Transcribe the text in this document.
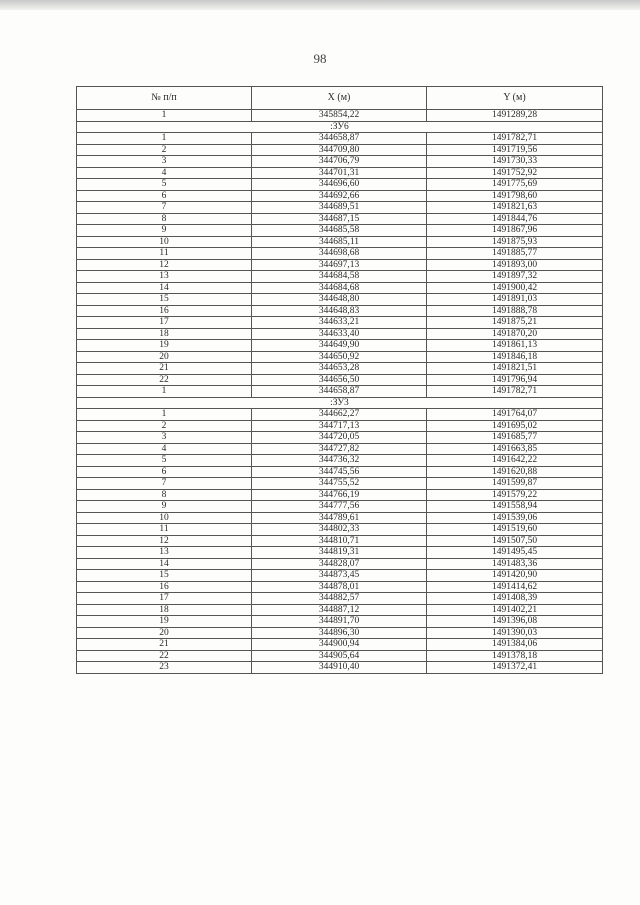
98
№ п/п	X (м)	Y (м)
1	345854,22	1491289,28
:ЗУ6		
1	344658,87	1491782,71
2	344709,80	1491719,56
3	344706,79	1491730,33
4	344701,31	1491752,92
5	344696,60	1491775,69
6	344692,66	1491798,60
7	344689,51	1491821,63
8	344687,15	1491844,76
9	344685,58	1491867,96
10	344685,11	1491875,93
11	344698,68	1491885,77
12	344697,13	1491893,00
13	344684,58	1491897,32
14	344684,68	1491900,42
15	344648,80	1491891,03
16	344648,83	1491888,78
17	344633,21	1491875,21
18	344633,40	1491870,20
19	344649,90	1491861,13
20	344650,92	1491846,18
21	344653,28	1491821,51
22	344656,50	1491796,94
1	344658,87	1491782,71
:ЗУ3		
1	344662,27	1491764,07
2	344717,13	1491695,02
3	344720,05	1491685,77
4	344727,82	1491663,85
5	344736,32	1491642,22
6	344745,56	1491620,88
7	344755,52	1491599,87
8	344766,19	1491579,22
9	344777,56	1491558,94
10	344789,61	1491539,06
11	344802,33	1491519,60
12	344810,71	1491507,50
13	344819,31	1491495,45
14	344828,07	1491483,36
15	344873,45	1491420,90
16	344878,01	1491414,62
17	344882,57	1491408,39
18	344887,12	1491402,21
19	344891,70	1491396,08
20	344896,30	1491390,03
21	344900,94	1491384,06
22	344905,64	1491378,18
23	344910,40	1491372,41
